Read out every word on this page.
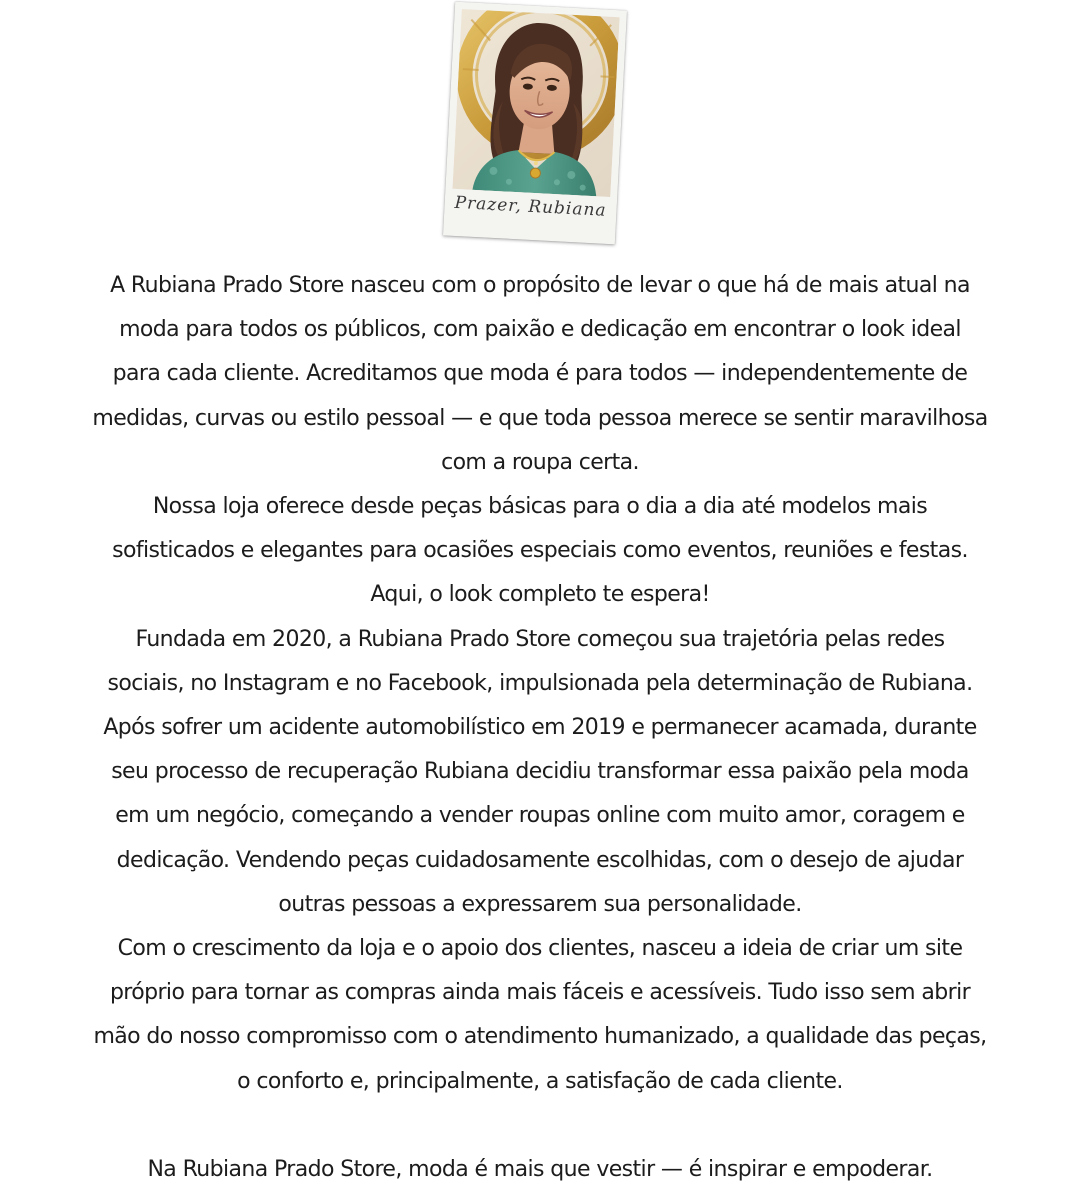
Prazer, Rubiana

A Rubiana Prado Store nasceu com o propósito de levar o que há de mais atual na
moda para todos os públicos, com paixão e dedicação em encontrar o look ideal
para cada cliente. Acreditamos que moda é para todos — independentemente de
medidas, curvas ou estilo pessoal — e que toda pessoa merece se sentir maravilhosa
com a roupa certa.

Nossa loja oferece desde peças básicas para o dia a dia até modelos mais
sofisticados e elegantes para ocasiões especiais como eventos, reuniões e festas.
Aqui, o look completo te espera!

Fundada em 2020, a Rubiana Prado Store começou sua trajetória pelas redes
sociais, no Instagram e no Facebook, impulsionada pela determinação de Rubiana.
Após sofrer um acidente automobilístico em 2019 e permanecer acamada, durante
seu processo de recuperação Rubiana decidiu transformar essa paixão pela moda
em um negócio, começando a vender roupas online com muito amor, coragem e
dedicação. Vendendo peças cuidadosamente escolhidas, com o desejo de ajudar
outras pessoas a expressarem sua personalidade.

Com o crescimento da loja e o apoio dos clientes, nasceu a ideia de criar um site
próprio para tornar as compras ainda mais fáceis e acessíveis. Tudo isso sem abrir
mão do nosso compromisso com o atendimento humanizado, a qualidade das peças,
o conforto e, principalmente, a satisfação de cada cliente.

Na Rubiana Prado Store, moda é mais que vestir — é inspirar e empoderar.
